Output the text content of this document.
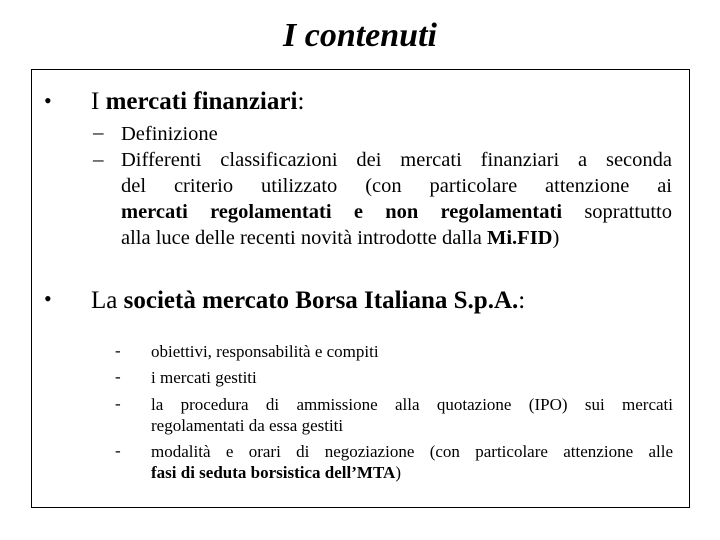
I contenuti
• I mercati finanziari:
– Definizione
– Differenti classificazioni dei mercati finanziari a seconda
del criterio utilizzato (con particolare attenzione ai
mercati regolamentati e non regolamentati soprattutto
alla luce delle recenti novità introdotte dalla Mi.FID)
• La società mercato Borsa Italiana S.p.A.:
- obiettivi, responsabilità e compiti
- i mercati gestiti
- la procedura di ammissione alla quotazione (IPO) sui mercati
regolamentati da essa gestiti
- modalità e orari di negoziazione (con particolare attenzione alle
fasi di seduta borsistica dell’MTA)
